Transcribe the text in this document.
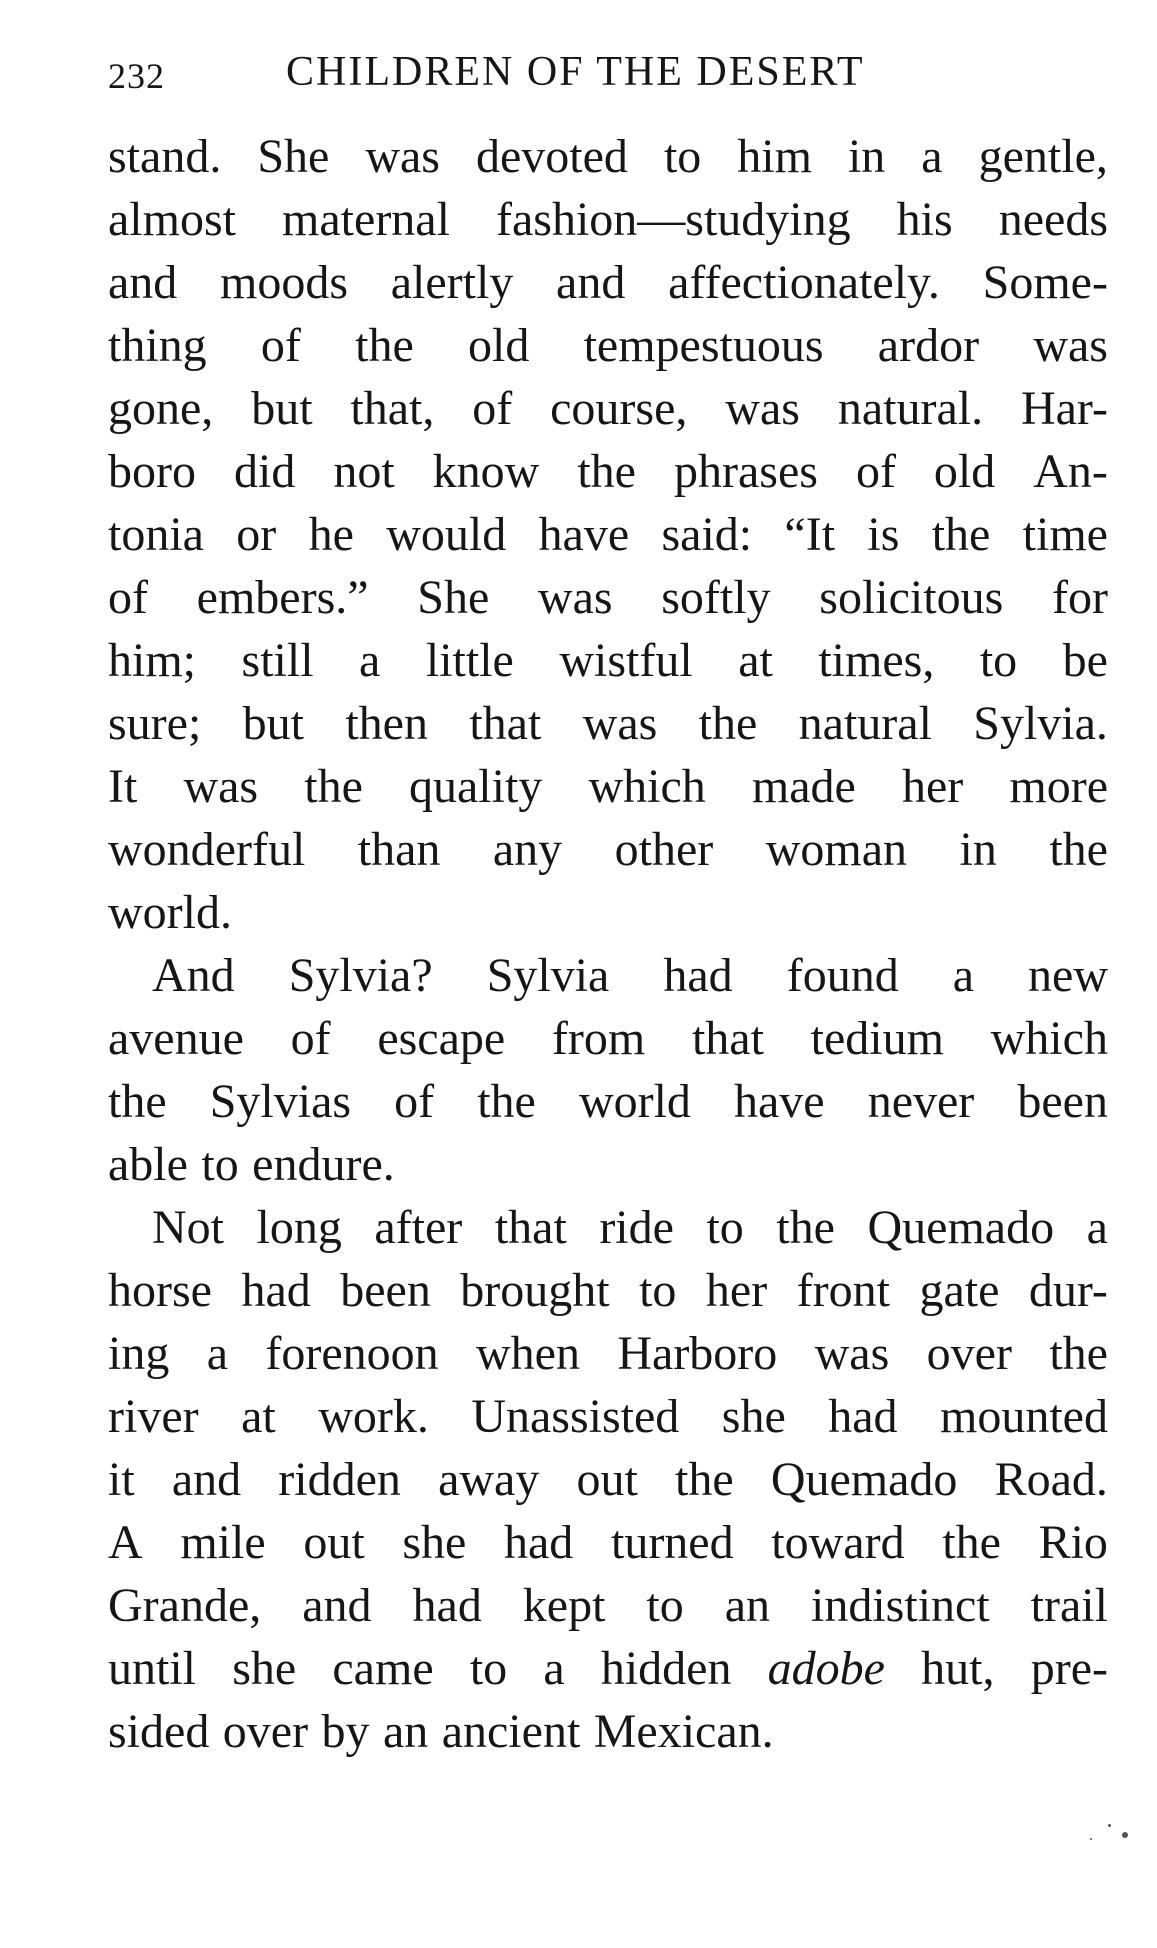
232	CHILDREN OF THE DESERT
stand. She was devoted to him in a gentle,
almost maternal fashion—studying his needs
and moods alertly and affectionately. Some-
thing of the old tempestuous ardor was
gone, but that, of course, was natural. Har-
boro did not know the phrases of old An-
tonia or he would have said: “It is the time
of embers.” She was softly solicitous for
him; still a little wistful at times, to be
sure; but then that was the natural Sylvia.
It was the quality which made her more
wonderful than any other woman in the
world.
And Sylvia? Sylvia had found a new
avenue of escape from that tedium which
the Sylvias of the world have never been
able to endure.
Not long after that ride to the Quemado a
horse had been brought to her front gate dur-
ing a forenoon when Harboro was over the
river at work. Unassisted she had mounted
it and ridden away out the Quemado Road.
A mile out she had turned toward the Rio
Grande, and had kept to an indistinct trail
until she came to a hidden adobe hut, pre-
sided over by an ancient Mexican.
